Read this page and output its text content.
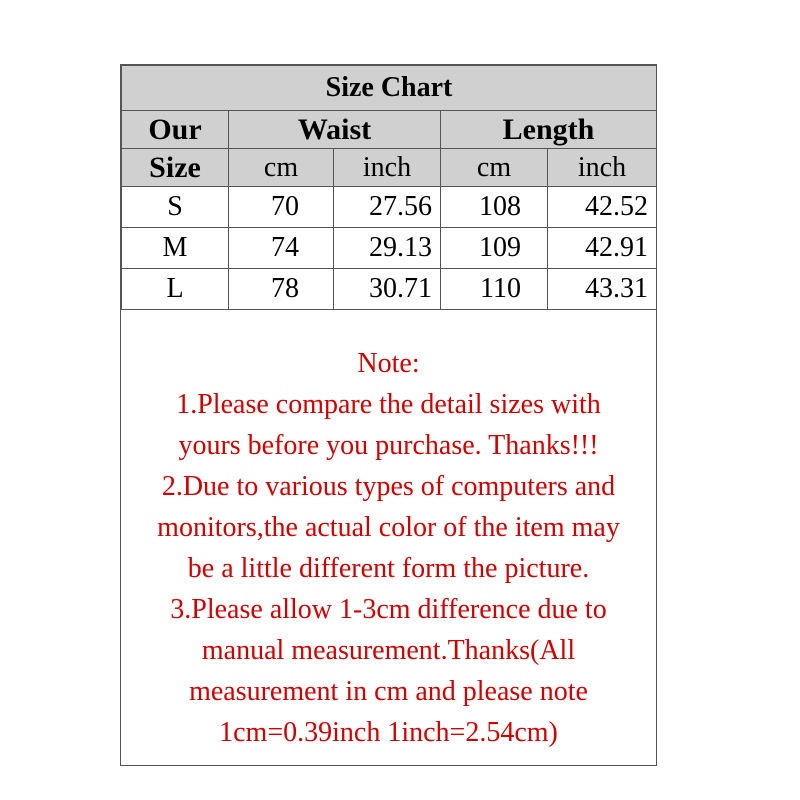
Size Chart				
Our	Waist		Length	
Size	cm	inch	cm	inch
S	70	27.56	108	42.52
M	74	29.13	109	42.91
L	78	30.71	110	43.31

Note:

1.Please compare the detail sizes with

yours before you purchase. Thanks!!!

2.Due to various types of computers and

monitors,the actual color of the item may

be a little different form the picture.

3.Please allow 1-3cm difference due to

manual measurement.Thanks(All

measurement in cm and please note

1cm=0.39inch 1inch=2.54cm)
